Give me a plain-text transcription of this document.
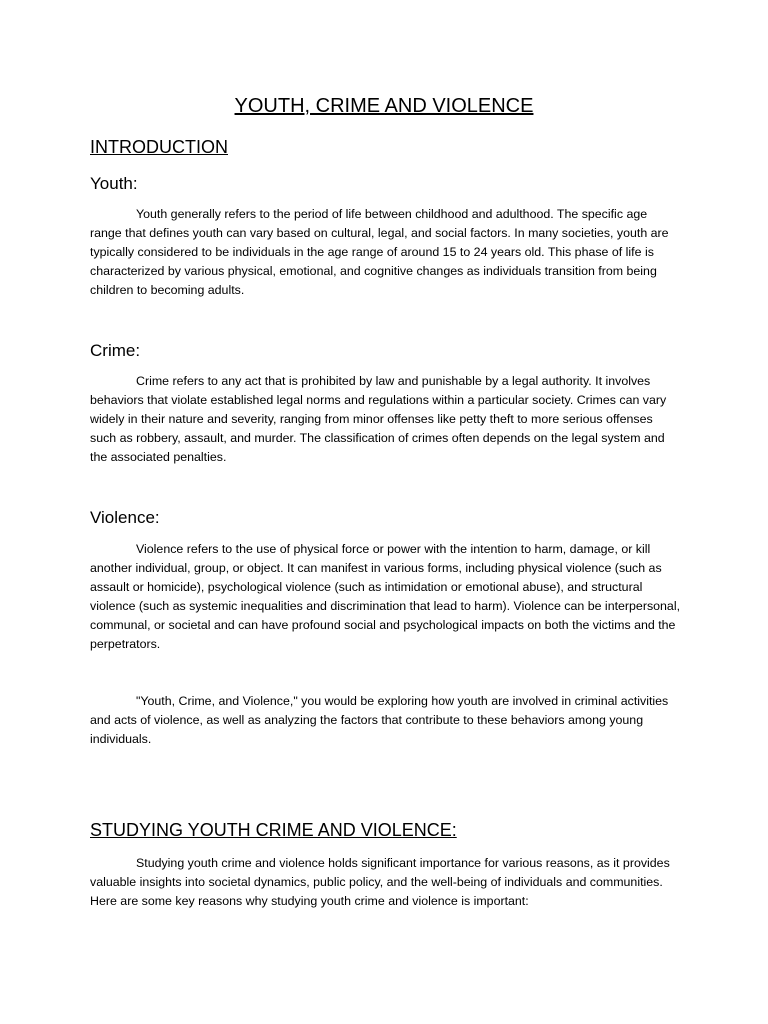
YOUTH, CRIME AND VIOLENCE
INTRODUCTION
Youth:

Youth generally refers to the period of life between childhood and adulthood. The specific age range that defines youth can vary based on cultural, legal, and social factors. In many societies, youth are typically considered to be individuals in the age range of around 15 to 24 years old. This phase of life is characterized by various physical, emotional, and cognitive changes as individuals transition from being children to becoming adults.

Crime:

Crime refers to any act that is prohibited by law and punishable by a legal authority. It involves behaviors that violate established legal norms and regulations within a particular society. Crimes can vary widely in their nature and severity, ranging from minor offenses like petty theft to more serious offenses such as robbery, assault, and murder. The classification of crimes often depends on the legal system and the associated penalties.

Violence:

Violence refers to the use of physical force or power with the intention to harm, damage, or kill another individual, group, or object. It can manifest in various forms, including physical violence (such as assault or homicide), psychological violence (such as intimidation or emotional abuse), and structural violence (such as systemic inequalities and discrimination that lead to harm). Violence can be interpersonal, communal, or societal and can have profound social and psychological impacts on both the victims and the perpetrators.

"Youth, Crime, and Violence," you would be exploring how youth are involved in criminal activities and acts of violence, as well as analyzing the factors that contribute to these behaviors among young individuals.

STUDYING YOUTH CRIME AND VIOLENCE:

Studying youth crime and violence holds significant importance for various reasons, as it provides valuable insights into societal dynamics, public policy, and the well-being of individuals and communities. Here are some key reasons why studying youth crime and violence is important:
